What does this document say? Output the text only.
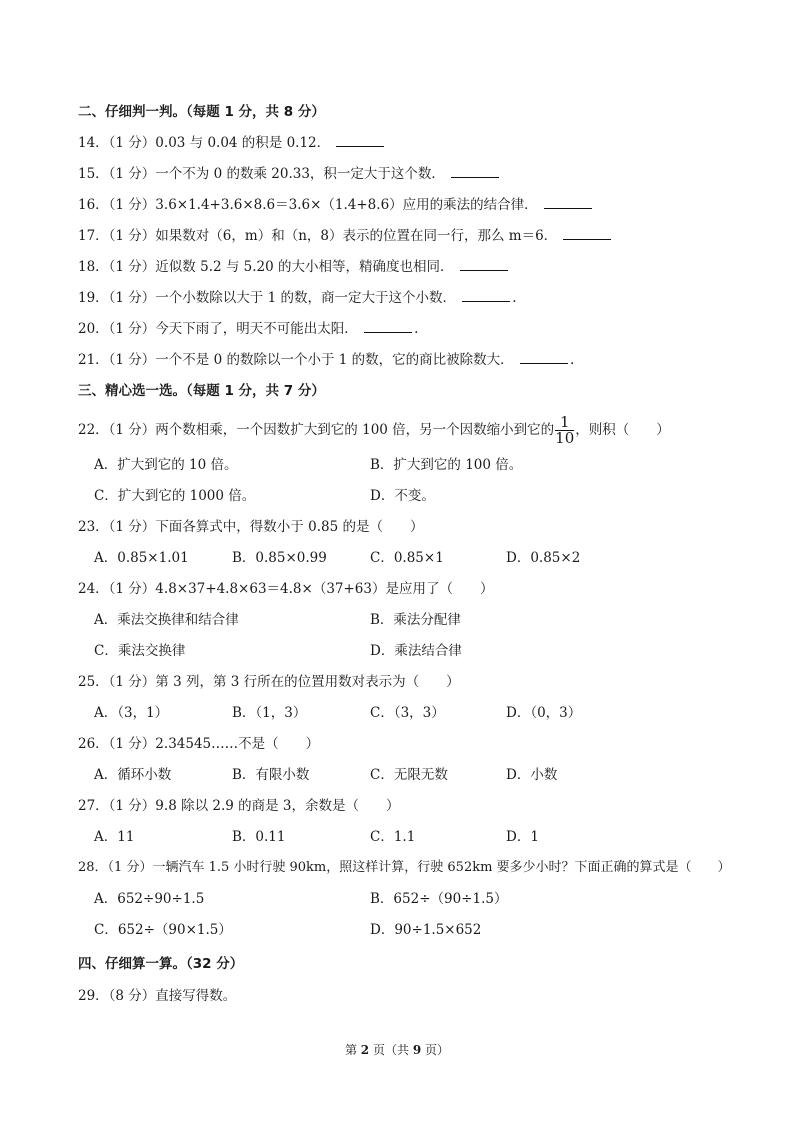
二、仔细判一判。（每题 1 分，共 8 分）
14．（1 分）0.03 与 0.04 的积是 0.12．
15．（1 分）一个不为 0 的数乘 20.33，积一定大于这个数．
16．（1 分）3.6×1.4+3.6×8.6＝3.6×（1.4+8.6）应用的乘法的结合律．
17．（1 分）如果数对（6，m）和（n，8）表示的位置在同一行，那么 m＝6．
18．（1 分）近似数 5.2 与 5.20 的大小相等，精确度也相同．
19．（1 分）一个小数除以大于 1 的数，商一定大于这个小数．	.
20．（1 分）今天下雨了，明天不可能出太阳．	.
21．（1 分）一个不是 0 的数除以一个小于 1 的数，它的商比被除数大．	.
三、精心选一选。（每题 1 分，共 7 分）
22．（1 分）两个数相乘，一个因数扩大到它的 100 倍，另一个因数缩小到它的 $\frac{1}{10}$ ，则积（　　）
A．扩大到它的 10 倍。	B．扩大到它的 100 倍。
C．扩大到它的 1000 倍。	D．不变。
23．（1 分）下面各算式中，得数小于 0.85 的是（　　）
A．0.85×1.01	B．0.85×0.99	C．0.85×1	D．0.85×2
24．（1 分）4.8×37+4.8×63＝4.8×（37+63）是应用了（　　）
A．乘法交换律和结合律	B．乘法分配律
C．乘法交换律	D．乘法结合律
25．（1 分）第 3 列，第 3 行所在的位置用数对表示为（　　）
A．（3，1）	B．（1，3）	C．（3，3）	D．（0，3）
26．（1 分）2.34545……不是（　　）
A．循环小数	B．有限小数	C．无限无数	D．小数
27．（1 分）9.8 除以 2.9 的商是 3，余数是（　　）
A．11	B．0.11	C．1.1	D．1
28．（1 分）一辆汽车 1.5 小时行驶 90km，照这样计算，行驶 652km 要多少小时？下面正确的算式是（　　）
A．652÷90÷1.5	B．652÷（90÷1.5）
C．652÷（90×1.5）	D．90÷1.5×652
四、仔细算一算。（32 分）
29．（8 分）直接写得数。
第 2 页（共 9 页）
